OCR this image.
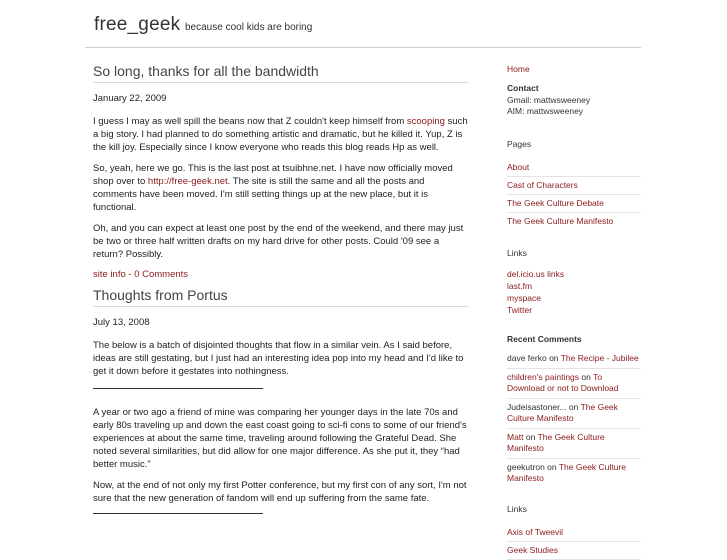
free_geek because cool kids are boring
So long, thanks for all the bandwidth
January 22, 2009

I guess I may as well spill the beans now that Z couldn't keep himself from scooping such a big story. I had planned to do something artistic and dramatic, but he killed it. Yup, Z is the kill joy. Especially since I know everyone who reads this blog reads Hp as well.

So, yeah, here we go. This is the last post at tsuibhne.net. I have now officially moved shop over to http://free-geek.net. The site is still the same and all the posts and comments have been moved. I'm still setting things up at the new place, but it is functional.

Oh, and you can expect at least one post by the end of the weekend, and there may just be two or three half written drafts on my hard drive for other posts. Could '09 see a return? Possibly.

site info - 0 Comments
Thoughts from Portus
July 13, 2008

The below is a batch of disjointed thoughts that flow in a similar vein. As I said before, ideas are still gestating, but I just had an interesting idea pop into my head and I'd like to get it down before it gestates into nothingness.

A year or two ago a friend of mine was comparing her younger days in the late 70s and early 80s traveling up and down the east coast going to sci-fi cons to some of our friend's experiences at about the same time, traveling around following the Grateful Dead. She noted several similarities, but did allow for one major difference. As she put it, they “had better music.”

Now, at the end of not only my first Potter conference, but my first con of any sort, I'm not sure that the new generation of fandom will end up suffering from the same fate.

Home
Contact
Gmail: mattwsweeney
AIM: mattwsweeney
Pages
About
Cast of Characters
The Geek Culture Debate
The Geek Culture Manifesto
Links
del.icio.us links
last.fm
myspace
Twitter
Recent Comments
dave ferko on The Recipe - Jubilee
children's paintings on To Download or not to Download
Judeisastoner... on The Geek Culture Manifesto
Matt on The Geek Culture Manifesto
geekutron on The Geek Culture Manifesto
Links
Axis of Tweevil
Geek Studies
